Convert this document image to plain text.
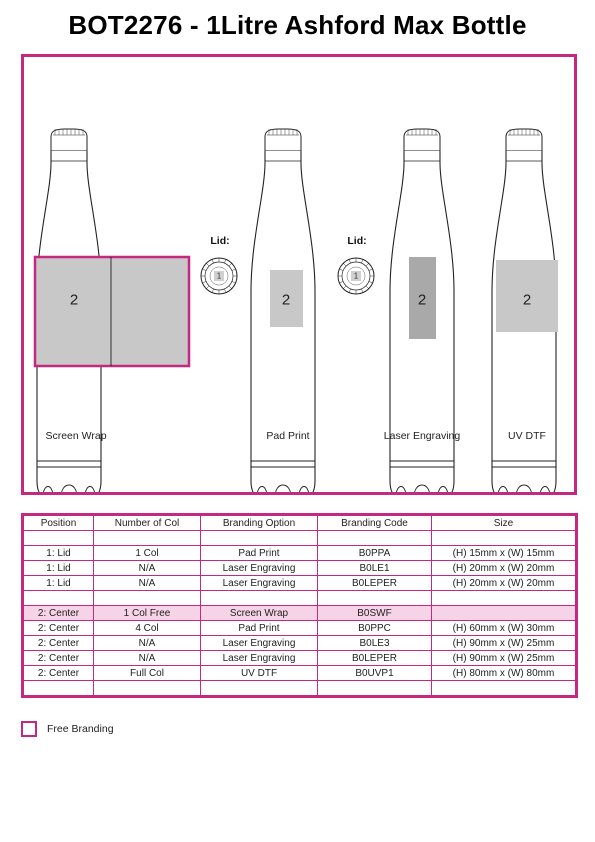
BOT2276 - 1Litre Ashford Max Bottle
2	2	2	2
Lid:	Lid:
1	1
Screen Wrap	Pad Print	Laser Engraving	UV DTF
Position	Number of Col	Branding Option	Branding Code	Size

1: Lid	1 Col	Pad Print	B0PPA	(H) 15mm x (W) 15mm
1: Lid	N/A	Laser Engraving	B0LE1	(H) 20mm x (W) 20mm
1: Lid	N/A	Laser Engraving	B0LEPER	(H) 20mm x (W) 20mm

2: Center	1 Col Free	Screen Wrap	B0SWF	
2: Center	4 Col	Pad Print	B0PPC	(H) 60mm x (W) 30mm
2: Center	N/A	Laser Engraving	B0LE3	(H) 90mm x (W) 25mm
2: Center	N/A	Laser Engraving	B0LEPER	(H) 90mm x (W) 25mm
2: Center	Full Col	UV DTF	B0UVP1	(H) 80mm x (W) 80mm

Free Branding
